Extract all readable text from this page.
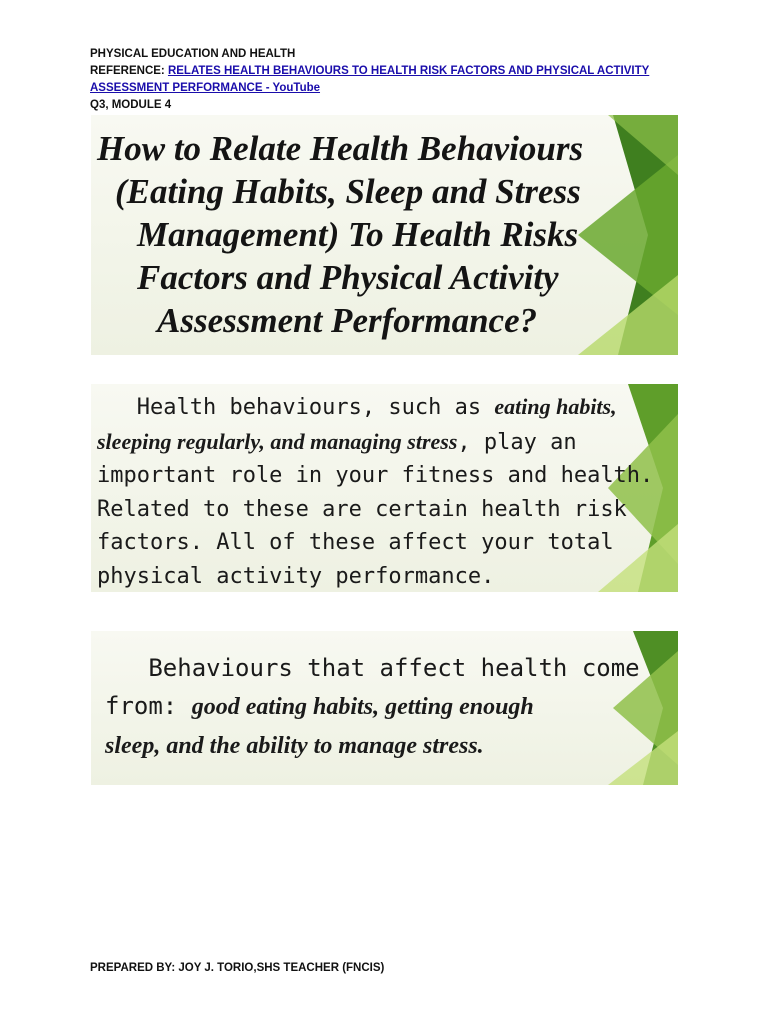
PHYSICAL EDUCATION AND HEALTH
REFERENCE: RELATES HEALTH BEHAVIOURS TO HEALTH RISK FACTORS AND PHYSICAL ACTIVITY
ASSESSMENT PERFORMANCE - YouTube
Q3, MODULE 4
How to Relate Health Behaviours
(Eating Habits, Sleep and Stress
Management) To Health Risks
Factors and Physical Activity
Assessment Performance?
Health behaviours, such as eating habits,
sleeping regularly, and managing stress, play an
important role in your fitness and health.
Related to these are certain health risk
factors. All of these affect your total
physical activity performance.
Behaviours that affect health come
from: good eating habits, getting enough
sleep, and the ability to manage stress.
PREPARED BY: JOY J. TORIO,SHS TEACHER (FNCIS)
